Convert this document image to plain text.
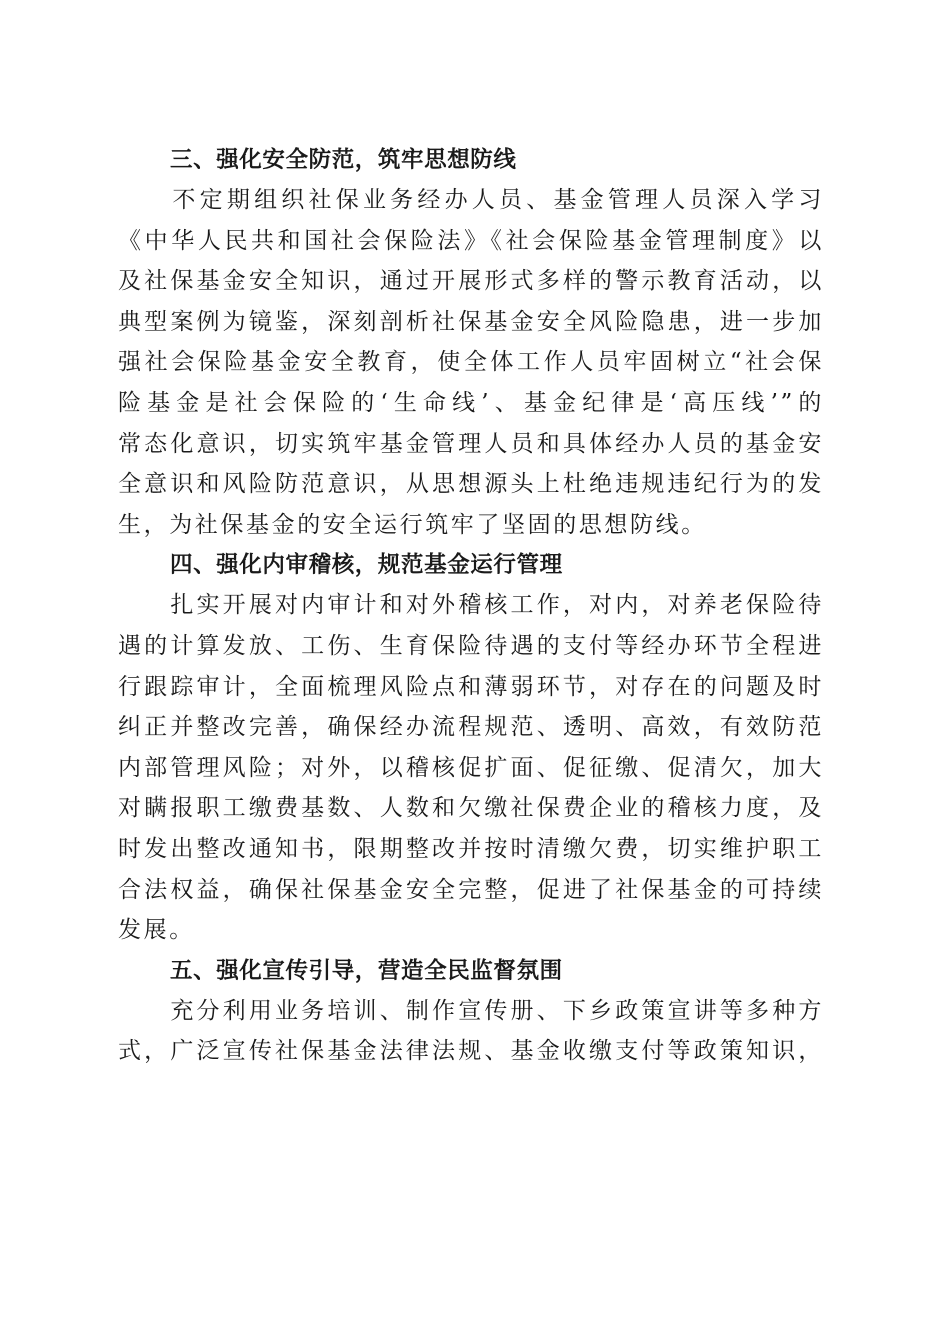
三、强化安全防范，筑牢思想防线
　　不定期组织社保业务经办人员、基金管理人员深入学习
《中华人民共和国社会保险法》《社会保险基金管理制度》以
及社保基金安全知识，通过开展形式多样的警示教育活动，以
典型案例为镜鉴，深刻剖析社保基金安全风险隐患，进一步加
强社会保险基金安全教育，使全体工作人员牢固树立“社会保
险基金是社会保险的‘生命线’、基金纪律是‘高压线’”的
常态化意识，切实筑牢基金管理人员和具体经办人员的基金安
全意识和风险防范意识，从思想源头上杜绝违规违纪行为的发
生，为社保基金的安全运行筑牢了坚固的思想防线。
四、强化内审稽核，规范基金运行管理
　　扎实开展对内审计和对外稽核工作，对内，对养老保险待
遇的计算发放、工伤、生育保险待遇的支付等经办环节全程进
行跟踪审计，全面梳理风险点和薄弱环节，对存在的问题及时
纠正并整改完善，确保经办流程规范、透明、高效，有效防范
内部管理风险；对外，以稽核促扩面、促征缴、促清欠，加大
对瞒报职工缴费基数、人数和欠缴社保费企业的稽核力度，及
时发出整改通知书，限期整改并按时清缴欠费，切实维护职工
合法权益，确保社保基金安全完整，促进了社保基金的可持续
发展。
五、强化宣传引导，营造全民监督氛围
　　充分利用业务培训、制作宣传册、下乡政策宣讲等多种方
式，广泛宣传社保基金法律法规、基金收缴支付等政策知识，
